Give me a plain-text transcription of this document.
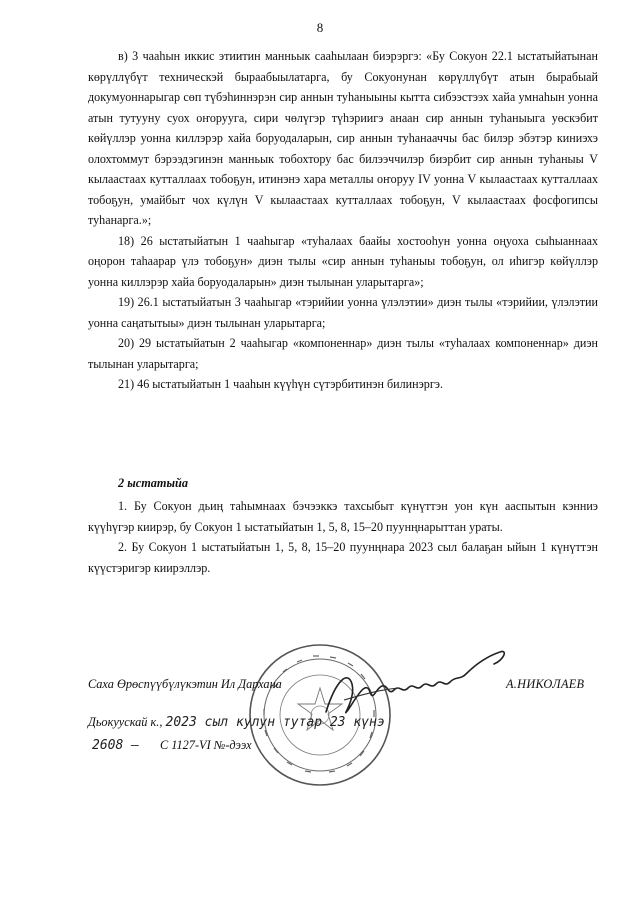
8

в) 3 чааһын иккис этиитин манньык сааһылаан биэрэргэ: «Бу Сокуон 22.1 ыстатыйатынан көрүллүбүт техническэй быраабыылатарга, бу Сокуонунан көрүллүбүт атын бырабыай докумуоннарыгар сөп түбэһиннэрэн сир аннын туһаныыны кытта сибээстээх хайа умнаһын уонна атын тутууну суох оҥоруугa, сири чөлүгэр түһэриигэ анаан сир аннын туһаныыга уөскэбит көйүллэр уонна киллэрэр хайа боруодаларын, сир аннын туһанааччы бас билэр эбэтэр киниэхэ олохтоммут бэрээдэгинэн манньык тобохтору бас билээччилэр биэрбит сир аннын туһаныы V кылаастаах кутталлаах тобоҕун, итинэнэ хара металлы оҥоруу IV уонна V кылаастаах кутталлаах тобоҕун, умайбыт чох күлүн V кылаастаах кутталлаах тобоҕун, V кылаастаах фосфогипсы туһанарга.»;

18) 26 ыстатыйатын 1 чааһыгар «туһалаах баайы хостооһун уонна оңуоха сыһыаннаах оңорон таһаарар үлэ тобоҕун» диэн тылы «сир аннын туһаныы тобоҕун, ол иһигэр көйүллэр уонна киллэрэр хайа боруодаларын» диэн тылынан уларытарга»;

19) 26.1 ыстатыйатын 3 чааһыгар «тэрийии уонна үлэлэтии» диэн тылы «тэрийии, үлэлэтии уонна саңатытыы» диэн тылынан уларытарга;

20) 29 ыстатыйатын 2 чааһыгар «компоненнар» диэн тылы «туһалаах компоненнар» диэн тылынан уларытарга;

21) 46 ыстатыйатын 1 чааһын күүһүн сүтэрбитинэн билинэргэ.

2 ыстатыйа

1. Бу Сокуон дьиң таһымнаах бэчээккэ тахсыбыт күнүттэн уон күн ааспытын кэнниэ күүһүгэр киирэр, бу Сокуон 1 ыстатыйатын 1, 5, 8, 15–20 пуунңнарыттан ураты.

2. Бу Сокуон 1 ыстатыйатын 1, 5, 8, 15–20 пуунңнара 2023 сыл балаҕан ыйын 1 күнүттэн күүстэригэр киирэллэр.

Саха Өрөспүүбүлүкэтин Ил Дархана	А.НИКОЛАЕВ
Дьокуускай к., 2023 сыл кулун тутар 23 күнэ
2608 – С 1127-VI №-дээх
